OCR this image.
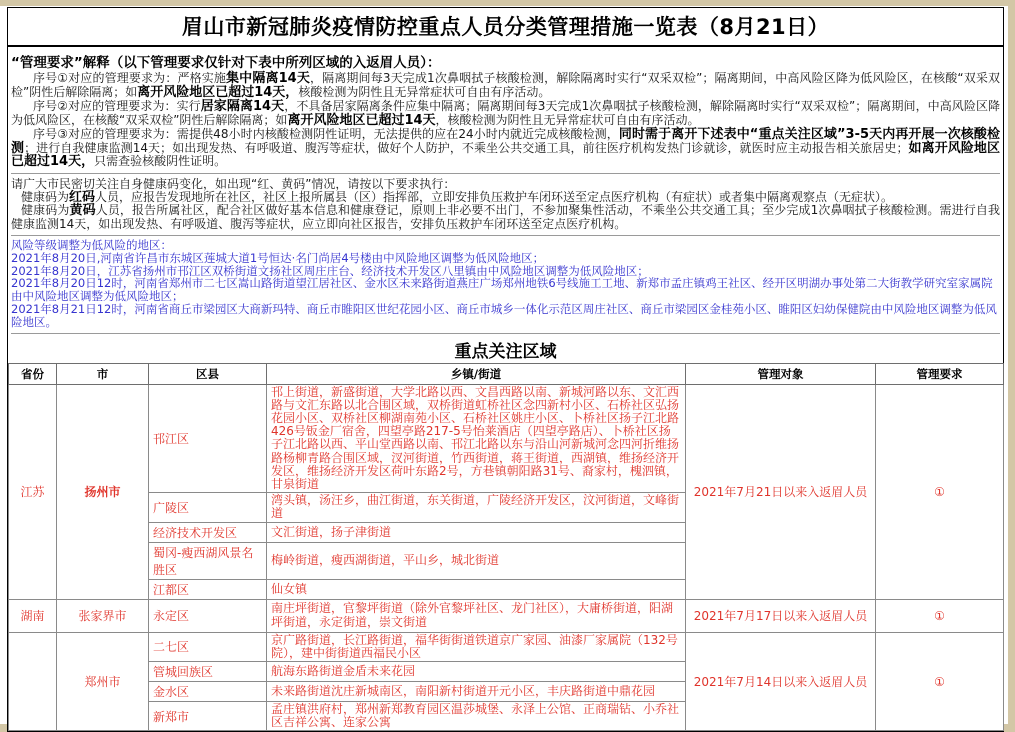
眉山市新冠肺炎疫情防控重点人员分类管理措施一览表（8月21日）
“管理要求”解释（以下管理要求仅针对下表中所列区域的入返眉人员）：

序号①对应的管理要求为：严格实施集中隔离14天，隔离期间每3天完成1次鼻咽拭子核酸检测，解除隔离时实行“双采双检”；隔离期间，中高风险区降为低风险区，在核酸“双采双检”阴性后解除隔离；如离开风险地区已超过14天，核酸检测为阴性且无异常症状可自由有序活动。

序号②对应的管理要求为：实行居家隔离14天，不具备居家隔离条件应集中隔离；隔离期间每3天完成1次鼻咽拭子核酸检测，解除隔离时实行“双采双检”；隔离期间，中高风险区降为低风险区，在核酸“双采双检”阴性后解除隔离；如离开风险地区已超过14天，核酸检测为阴性且无异常症状可自由有序活动。

序号③对应的管理要求为：需提供48小时内核酸检测阴性证明，无法提供的应在24小时内就近完成核酸检测，同时需于离开下述表中“重点关注区域”3-5天内再开展一次核酸检测；进行自我健康监测14天；如出现发热、有呼吸道、腹泻等症状，做好个人防护，不乘坐公共交通工具，前往医疗机构发热门诊就诊，就医时应主动报告相关旅居史；如离开风险地区已超过14天，只需查验核酸阴性证明。

请广大市民密切关注自身健康码变化，如出现“红、黄码”情况，请按以下要求执行：

健康码为红码人员，应报告发现地所在社区，社区上报所属县（区）指挥部，立即安排负压救护车闭环送至定点医疗机构（有症状）或者集中隔离观察点（无症状）。

健康码为黄码人员，报告所属社区，配合社区做好基本信息和健康登记，原则上非必要不出门，不参加聚集性活动，不乘坐公共交通工具；至少完成1次鼻咽拭子核酸检测。需进行自我健康监测14天，如出现发热、有呼吸道、腹泻等症状，应立即向社区报告，安排负压救护车闭环送至定点医疗机构。

风险等级调整为低风险的地区：

2021年8月20日,河南省许昌市东城区莲城大道1号恒达·名门尚居4号楼由中风险地区调整为低风险地区；

2021年8月20日，江苏省扬州市邗江区双桥街道文扬社区周庄庄台、经济技术开发区八里镇由中风险地区调整为低风险地区；

2021年8月20日12时，河南省郑州市二七区嵩山路街道望江居社区、金水区未来路街道燕庄广场郑州地铁6号线施工工地、新郑市孟庄镇鸡王社区、经开区明湖办事处第二大街教学研究室家属院由中风险地区调整为低风险地区；

2021年8月21日12时，河南省商丘市梁园区大商新玛特、商丘市睢阳区世纪花园小区、商丘市城乡一体化示范区周庄社区、商丘市梁园区金桂苑小区、睢阳区妇幼保健院由中风险地区调整为低风险地区。

重点关注区域
省份	市	区县	乡镇/街道	管理对象	管理要求
江苏	扬州市	邗江区	邗上街道，新盛街道，大学北路以西、文昌西路以南、新城河路以东、文汇西路与文汇东路以北合围区域，双桥街道虹桥社区念四新村小区、石桥社区弘扬花园小区、双桥社区柳湖南苑小区、石桥社区姚庄小区、卜桥社区扬子江北路426号钣金厂宿舍，四望亭路217-5号怡莱酒店（四望亭路店）、卜桥社区扬子江北路以西、平山堂西路以南、邗江北路以东与沿山河新城河念四河折维扬路杨柳青路合围区域，汊河街道，竹西街道，蒋王街道，西湖镇，维扬经济开发区，维扬经济开发区荷叶东路2号，方巷镇朝阳路31号、裔家村，槐泗镇，甘泉街道	2021年7月21日以来入返眉人员	①
		广陵区	湾头镇，汤汪乡，曲江街道，东关街道，广陵经济开发区，汶河街道，文峰街道		
		经济技术开发区	文汇街道，扬子津街道		
		蜀冈-瘦西湖风景名胜区	梅岭街道，瘦西湖街道，平山乡，城北街道		
		江都区	仙女镇		
湖南	张家界市	永定区	南庄坪街道，官黎坪街道（除外官黎坪社区、龙门社区），大庸桥街道，阳湖坪街道，永定街道，崇文街道	2021年7月17日以来入返眉人员	①
	郑州市	二七区	京广路街道，长江路街道，福华街街道铁道京广家园、油漆厂家属院（132号院），建中街街道西福民小区	2021年7月14日以来入返眉人员	①
		管城回族区	航海东路街道金盾未来花园		
		金水区	未来路街道沈庄新城南区，南阳新村街道开元小区，丰庆路街道中鼎花园		
		新郑市	孟庄镇洪府村，郑州新郑教育园区温莎城堡、永泽上公馆、正商瑞钻、小乔社区吉祥公寓、连家公寓		
